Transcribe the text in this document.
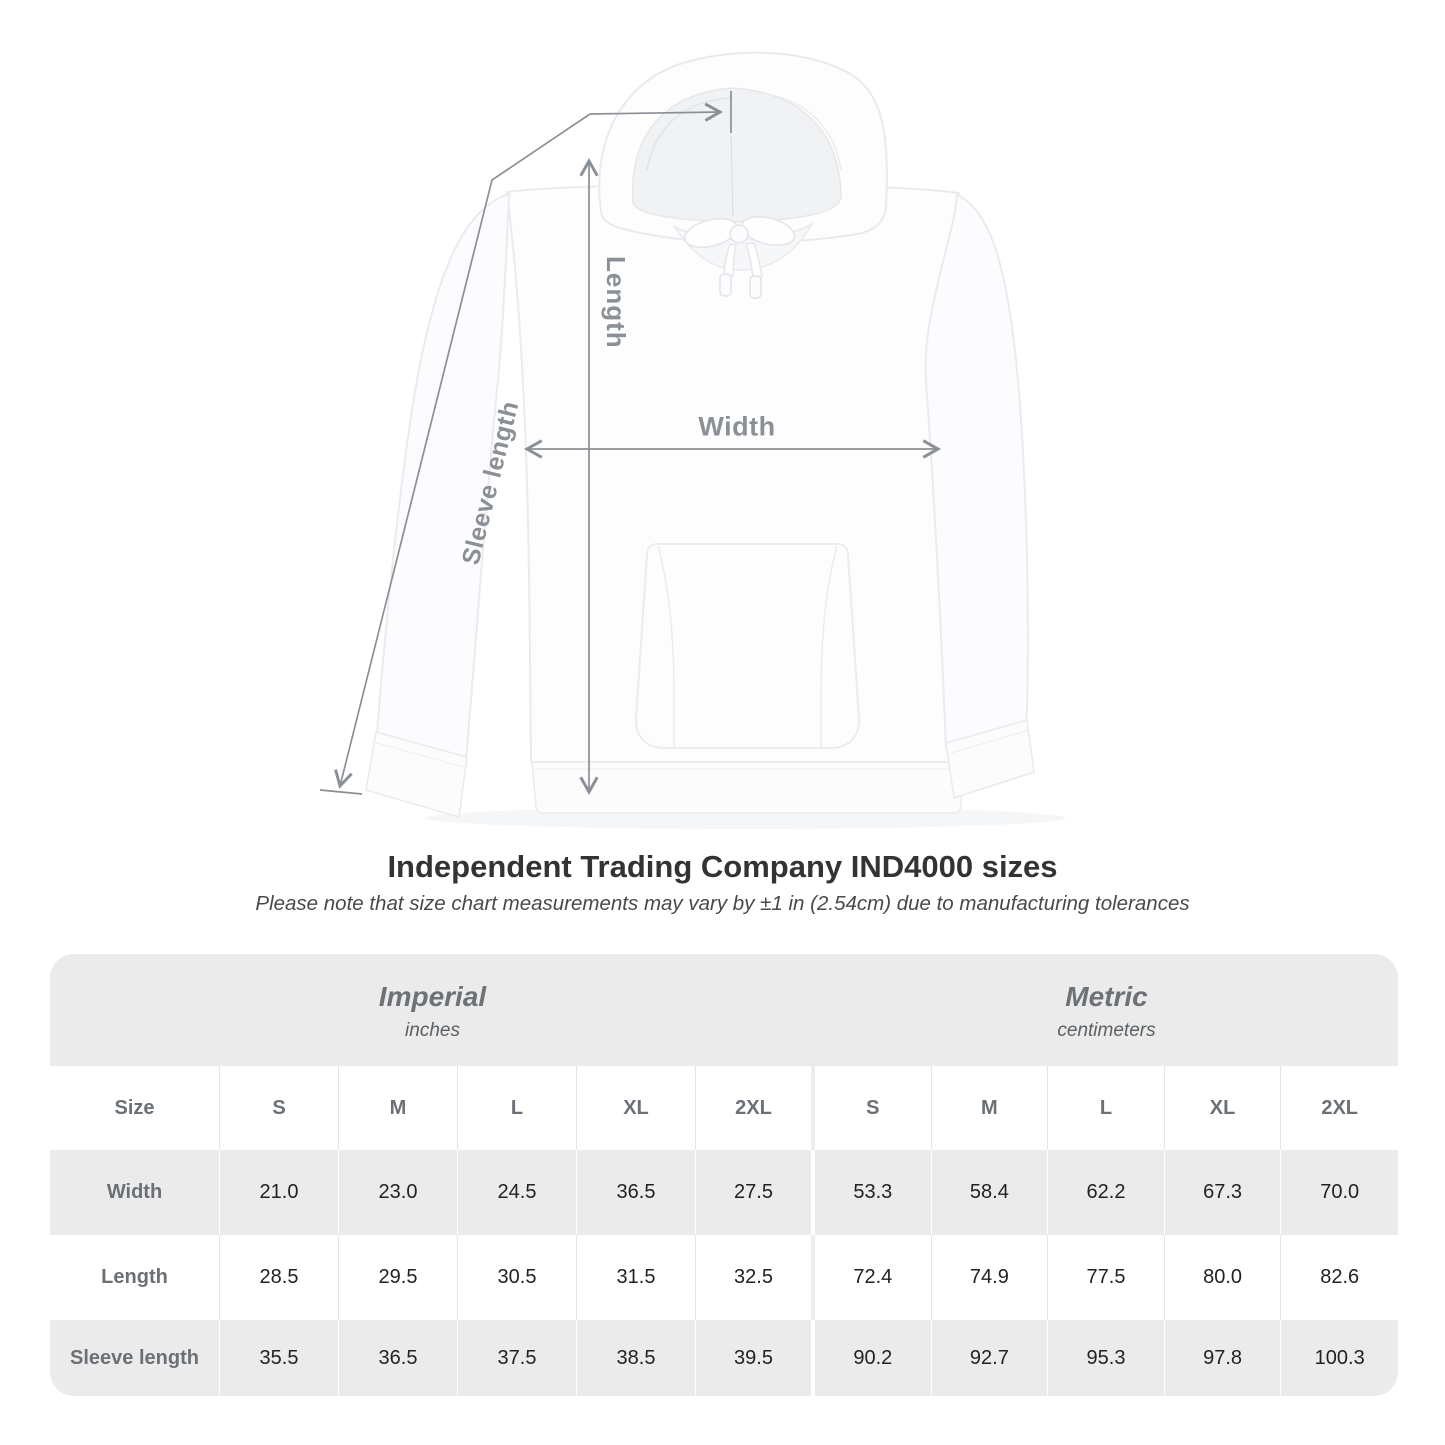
Length
Width
Sleeve length
Independent Trading Company IND4000 sizes
Please note that size chart measurements may vary by ±1 in (2.54cm) due to manufacturing tolerances
Imperial
inches
Metric
centimeters
Size	S	M	L	XL	2XL	S	M	L	XL	2XL
Width	21.0	23.0	24.5	36.5	27.5	53.3	58.4	62.2	67.3	70.0
Length	28.5	29.5	30.5	31.5	32.5	72.4	74.9	77.5	80.0	82.6
Sleeve length	35.5	36.5	37.5	38.5	39.5	90.2	92.7	95.3	97.8	100.3
